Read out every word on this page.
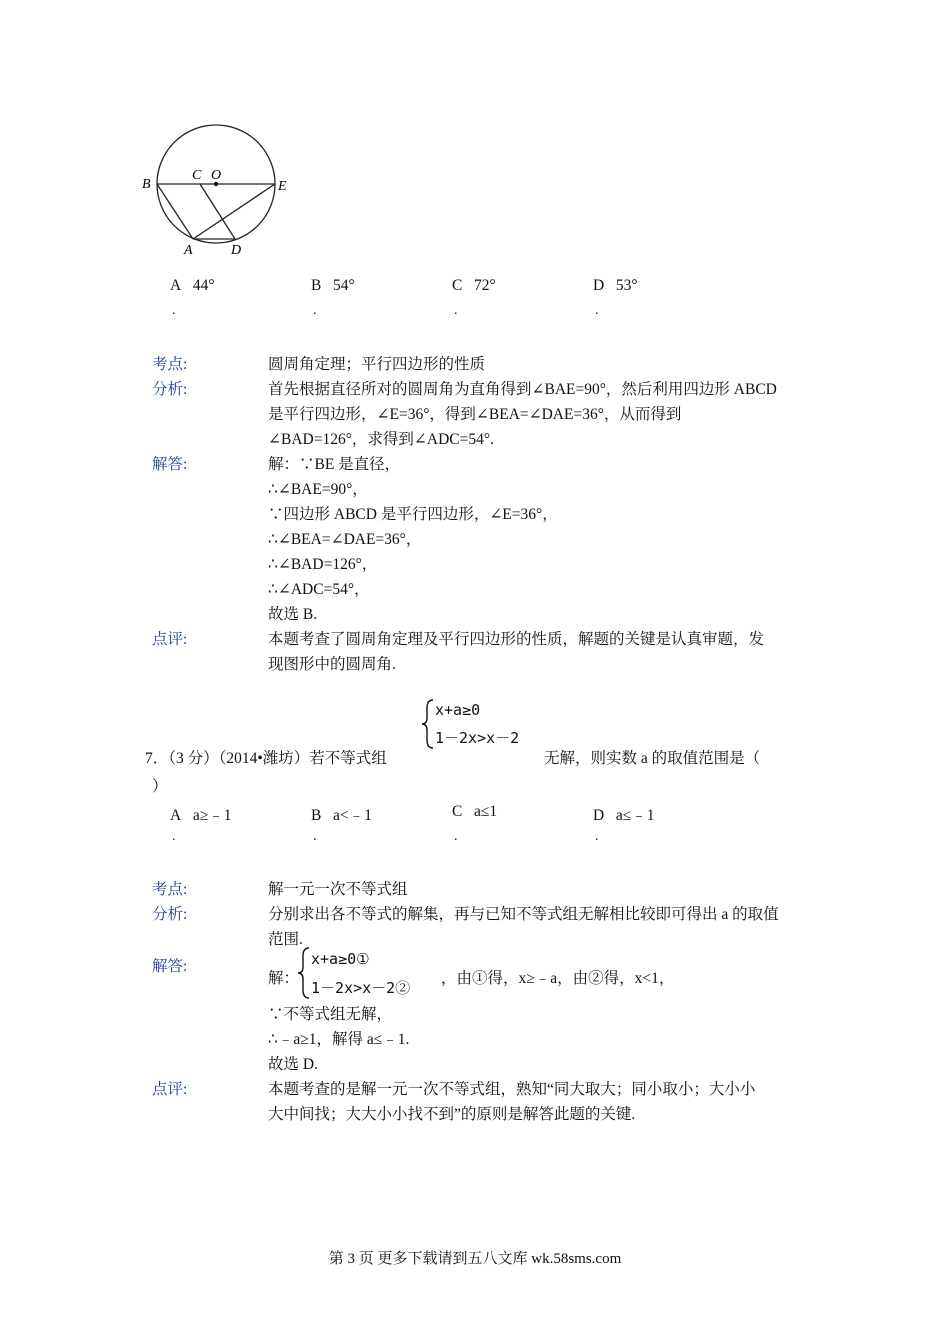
B
C O
E
A	D
A 44°
.
B 54°
.
C 72°
.
D 53°
.
考点:	圆周角定理；平行四边形的性质
分析:	首先根据直径所对的圆周角为直角得到∠BAE=90°，然后利用四边形 ABCD
是平行四边形，∠E=36°，得到∠BEA=∠DAE=36°，从而得到
∠BAD=126°，求得到∠ADC=54°.
解答:	解：∵BE 是直径，
∴∠BAE=90°，
∵四边形 ABCD 是平行四边形，∠E=36°，
∴∠BEA=∠DAE=36°，
∴∠BAD=126°，
∴∠ADC=54°，
故选 B.
点评:	本题考查了圆周角定理及平行四边形的性质，解题的关键是认真审题，发
现图形中的圆周角.
7．（3 分）（2014•潍坊）若不等式组
x+a≥0
1－2x>x－2
无解，则实数 a 的取值范围是（
）
A a≥﹣1
.
B a<﹣1
.
C a≤1
.
D a≤﹣1
.
考点:	解一元一次不等式组
分析:	分别求出各不等式的解集，再与已知不等式组无解相比较即可得出 a 的取值
范围.
解答:
解：
x+a≥0①
1－2x>x－2②
，由①得，x≥﹣a，由②得，x<1，
∵不等式组无解，
∴﹣a≥1，解得 a≤﹣1.
故选 D.
点评:	本题考查的是解一元一次不等式组，熟知“同大取大；同小取小；大小小
大中间找；大大小小找不到”的原则是解答此题的关键.
第 3 页 更多下载请到五八文库 wk.58sms.com
